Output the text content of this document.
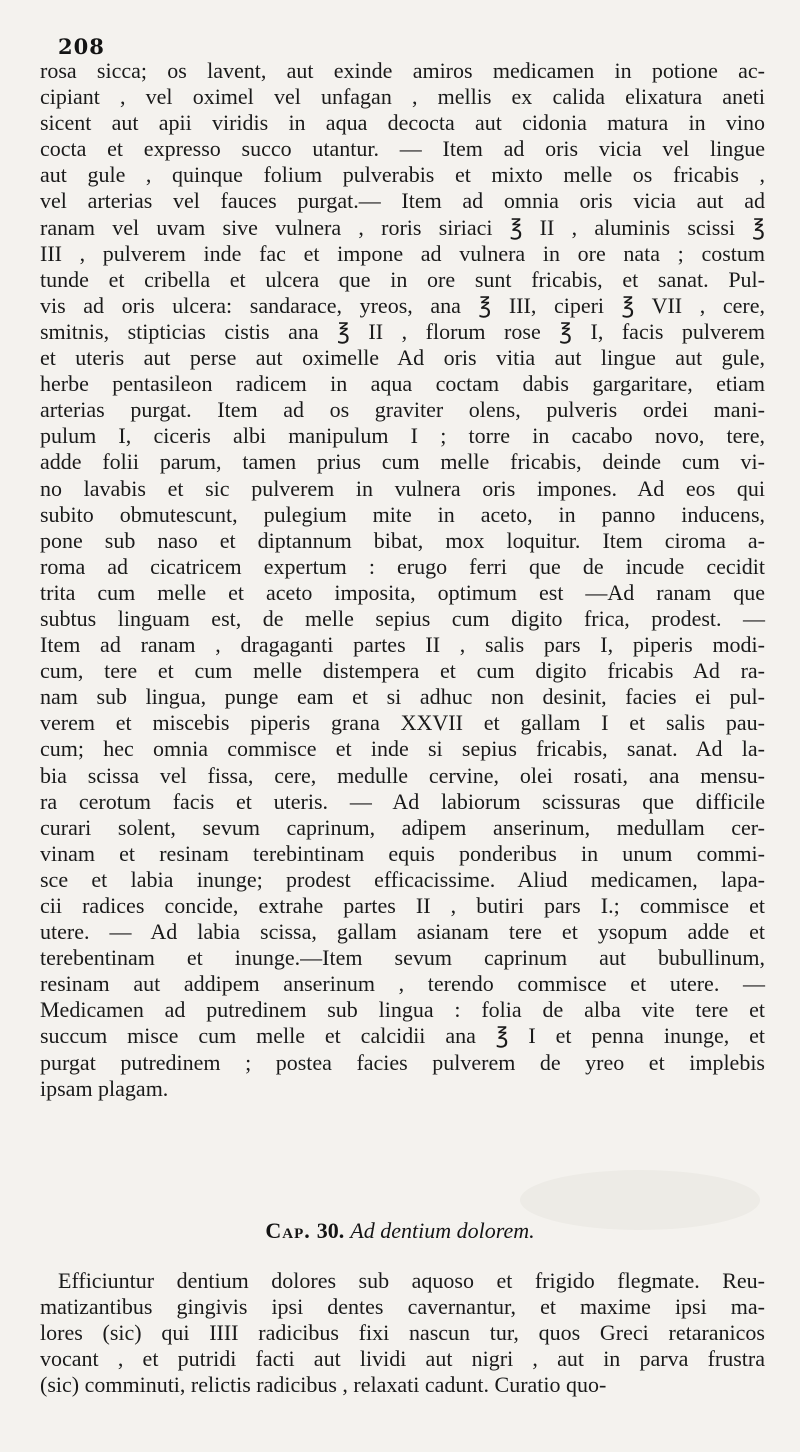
208
rosa sicca; os lavent, aut exinde amiros medicamen in potione ac-
cipiant , vel oximel vel unfagan , mellis ex calida elixatura aneti
sicent aut apii viridis in aqua decocta aut cidonia matura in vino
cocta et expresso succo utantur. — Item ad oris vicia vel lingue
aut gule , quinque folium pulverabis et mixto melle os fricabis ,
vel arterias vel fauces purgat.— Item ad omnia oris vicia aut ad
ranam vel uvam sive vulnera , roris siriaci ℥ II , aluminis scissi ℥
III , pulverem inde fac et impone ad vulnera in ore nata ; costum
tunde et cribella et ulcera que in ore sunt fricabis, et sanat. Pul-
vis ad oris ulcera: sandarace, yreos, ana ℥ III, ciperi ℥ VII , cere,
smitnis, stipticias cistis ana ℥ II , florum rose ℥ I, facis pulverem
et uteris aut perse aut oximelle Ad oris vitia aut lingue aut gule,
herbe pentasileon radicem in aqua coctam dabis gargaritare, etiam
arterias purgat. Item ad os graviter olens, pulveris ordei mani-
pulum I, ciceris albi manipulum I ; torre in cacabo novo, tere,
adde folii parum, tamen prius cum melle fricabis, deinde cum vi-
no lavabis et sic pulverem in vulnera oris impones. Ad eos qui
subito obmutescunt, pulegium mite in aceto, in panno inducens,
pone sub naso et diptannum bibat, mox loquitur. Item ciroma a-
roma ad cicatricem expertum : erugo ferri que de incude cecidit
trita cum melle et aceto imposita, optimum est —Ad ranam que
subtus linguam est, de melle sepius cum digito frica, prodest. —
Item ad ranam , dragaganti partes II , salis pars I, piperis modi-
cum, tere et cum melle distempera et cum digito fricabis Ad ra-
nam sub lingua, punge eam et si adhuc non desinit, facies ei pul-
verem et miscebis piperis grana XXVII et gallam I et salis pau-
cum; hec omnia commisce et inde si sepius fricabis, sanat. Ad la-
bia scissa vel fissa, cere, medulle cervine, olei rosati, ana mensu-
ra cerotum facis et uteris. — Ad labiorum scissuras que difficile
curari solent, sevum caprinum, adipem anserinum, medullam cer-
vinam et resinam terebintinam equis ponderibus in unum commi-
sce et labia inunge; prodest efficacissime. Aliud medicamen, lapa-
cii radices concide, extrahe partes II , butiri pars I.; commisce et
utere. — Ad labia scissa, gallam asianam tere et ysopum adde et
terebentinam et inunge.—Item sevum caprinum aut bubullinum,
resinam aut addipem anserinum , terendo commisce et utere. —
Medicamen ad putredinem sub lingua : folia de alba vite tere et
succum misce cum melle et calcidii ana ℥ I et penna inunge, et
purgat putredinem ; postea facies pulverem de yreo et implebis
ipsam plagam.
Cap. 30. Ad dentium dolorem.
Efficiuntur dentium dolores sub aquoso et frigido flegmate. Reu-
matizantibus gingivis ipsi dentes cavernantur, et maxime ipsi ma-
lores (sic) qui IIII radicibus fixi nascun tur, quos Greci retaranicos
vocant , et putridi facti aut lividi aut nigri , aut in parva frustra
(sic) comminuti, relictis radicibus , relaxati cadunt. Curatio quo-
